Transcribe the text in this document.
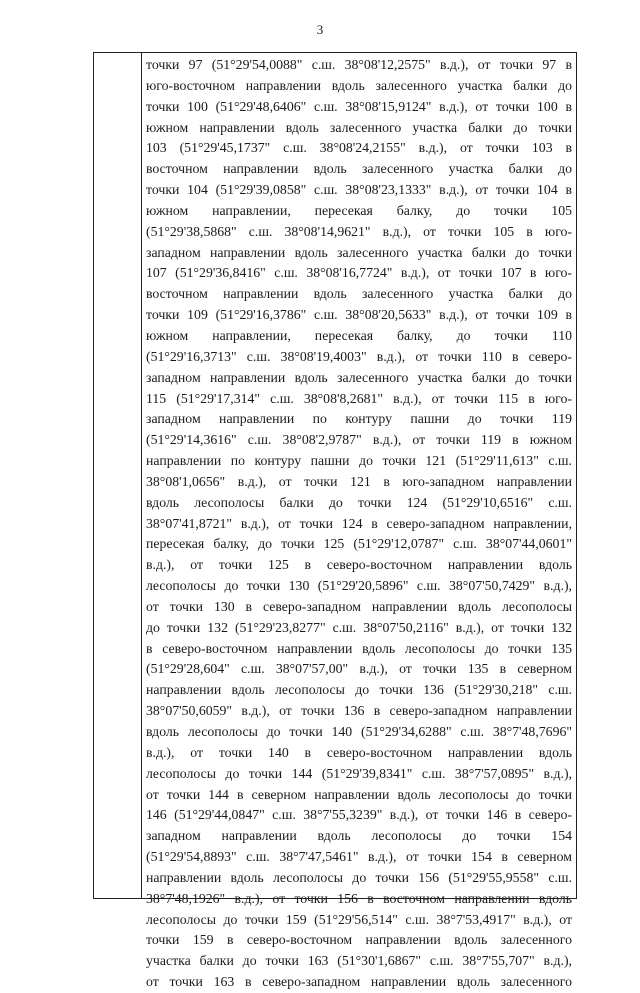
3
точки 97 (51°29'54,0088" с.ш. 38°08'12,2575" в.д.), от точки 97 в
юго-восточном направлении вдоль залесенного участка балки до
точки 100 (51°29'48,6406" с.ш. 38°08'15,9124" в.д.), от точки 100 в
южном направлении вдоль залесенного участка балки до точки
103 (51°29'45,1737" с.ш. 38°08'24,2155" в.д.), от точки 103 в
восточном направлении вдоль залесенного участка балки до
точки 104 (51°29'39,0858" с.ш. 38°08'23,1333" в.д.), от точки 104 в
южном направлении, пересекая балку, до точки 105
(51°29'38,5868" с.ш. 38°08'14,9621" в.д.), от точки 105 в юго-
западном направлении вдоль залесенного участка балки до точки
107 (51°29'36,8416" с.ш. 38°08'16,7724" в.д.), от точки 107 в юго-
восточном направлении вдоль залесенного участка балки до
точки 109 (51°29'16,3786" с.ш. 38°08'20,5633" в.д.), от точки 109 в
южном направлении, пересекая балку, до точки 110
(51°29'16,3713" с.ш. 38°08'19,4003" в.д.), от точки 110 в северо-
западном направлении вдоль залесенного участка балки до точки
115 (51°29'17,314" с.ш. 38°08'8,2681" в.д.), от точки 115 в юго-
западном направлении по контуру пашни до точки 119
(51°29'14,3616" с.ш. 38°08'2,9787" в.д.), от точки 119 в южном
направлении по контуру пашни до точки 121 (51°29'11,613" с.ш.
38°08'1,0656" в.д.), от точки 121 в юго-западном направлении
вдоль лесополосы балки до точки 124 (51°29'10,6516" с.ш.
38°07'41,8721" в.д.), от точки 124 в северо-западном направлении,
пересекая балку, до точки 125 (51°29'12,0787" с.ш. 38°07'44,0601"
в.д.), от точки 125 в северо-восточном направлении вдоль
лесополосы до точки 130 (51°29'20,5896" с.ш. 38°07'50,7429" в.д.),
от точки 130 в северо-западном направлении вдоль лесополосы
до точки 132 (51°29'23,8277" с.ш. 38°07'50,2116" в.д.), от точки 132
в северо-восточном направлении вдоль лесополосы до точки 135
(51°29'28,604" с.ш. 38°07'57,00" в.д.), от точки 135 в северном
направлении вдоль лесополосы до точки 136 (51°29'30,218" с.ш.
38°07'50,6059" в.д.), от точки 136 в северо-западном направлении
вдоль лесополосы до точки 140 (51°29'34,6288" с.ш. 38°7'48,7696"
в.д.), от точки 140 в северо-восточном направлении вдоль
лесополосы до точки 144 (51°29'39,8341" с.ш. 38°7'57,0895" в.д.),
от точки 144 в северном направлении вдоль лесополосы до точки
146 (51°29'44,0847" с.ш. 38°7'55,3239" в.д.), от точки 146 в северо-
западном направлении вдоль лесополосы до точки 154
(51°29'54,8893" с.ш. 38°7'47,5461" в.д.), от точки 154 в северном
направлении вдоль лесополосы до точки 156 (51°29'55,9558" с.ш.
38°7'48,1926" в.д.), от точки 156 в восточном направлении вдоль
лесополосы до точки 159 (51°29'56,514" с.ш. 38°7'53,4917" в.д.), от
точки 159 в северо-восточном направлении вдоль залесенного
участка балки до точки 163 (51°30'1,6867" с.ш. 38°7'55,707" в.д.),
от точки 163 в северо-западном направлении вдоль залесенного
